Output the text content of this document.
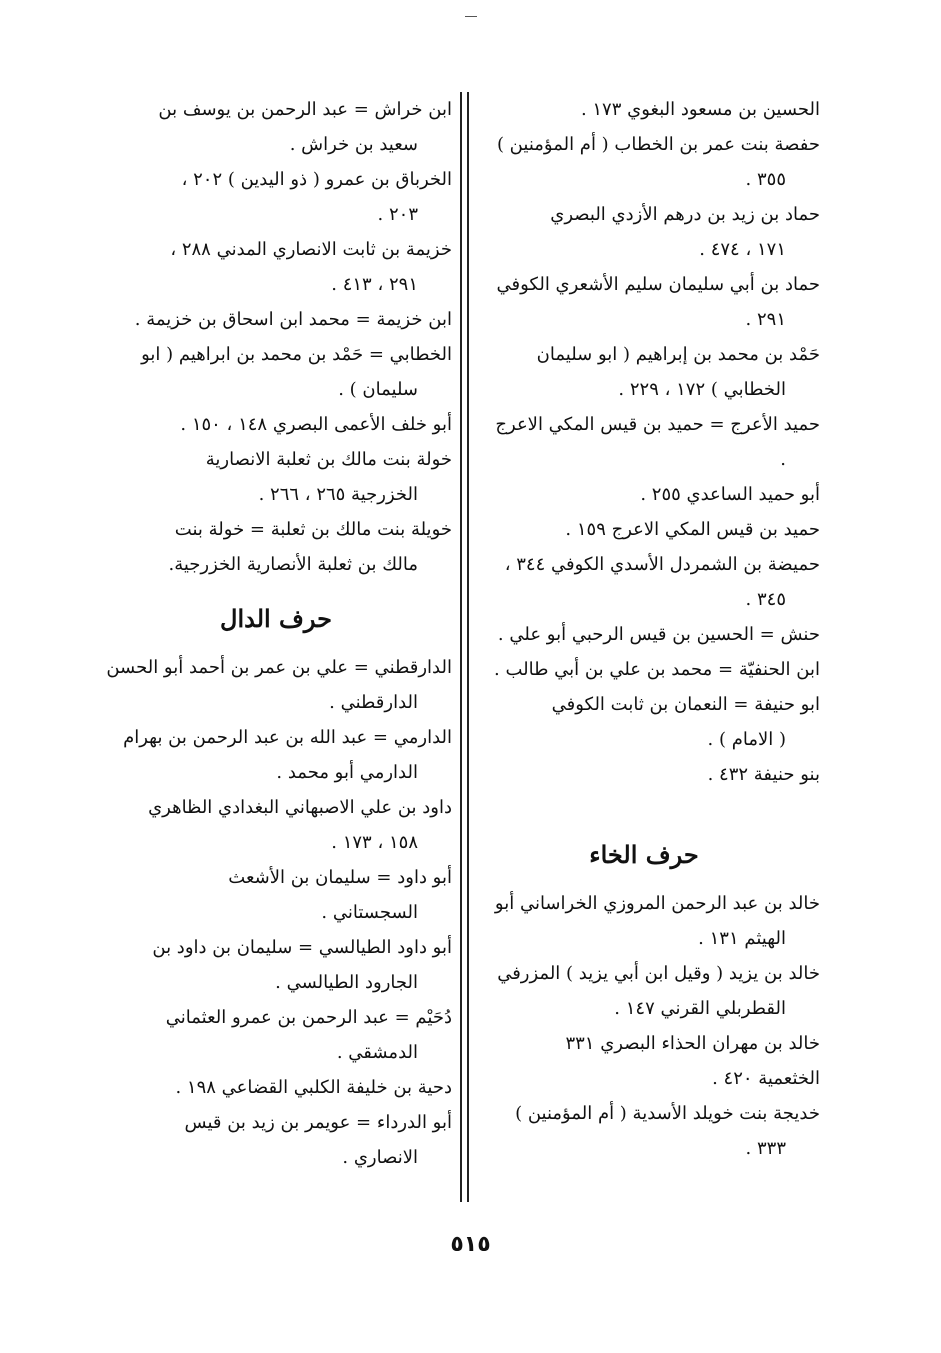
الحسين بن مسعود البغوي ١٧٣ .
حفصة بنت عمر بن الخطاب ( أم المؤمنين )

٣٥٥ .
حماد بن زيد بن درهم الأزدي البصري

١٧١ ، ٤٧٤ .
حماد بن أبي سليمان سليم الأشعري الكوفي

٢٩١ .
حَمْد بن محمد بن إبراهيم ( ابو سليمان

الخطابي ) ١٧٢ ، ٢٢٩ .
حميد الأعرج = حميد بن قيس المكي الاعرج

.
أبو حميد الساعدي ٢٥٥ .
حميد بن قيس المكي الاعرج ١٥٩ .
حميضة بن الشمردل الأسدي الكوفي ٣٤٤ ،

٣٤٥ .
حنش = الحسين بن قيس الرحبي أبو علي .
ابن الحنفيّة = محمد بن علي بن أبي طالب .
ابو حنيفة = النعمان بن ثابت الكوفي

( الامام ) .
بنو حنيفة ٤٣٢ .
حرف الخاء
خالد بن عبد الرحمن المروزي الخراساني أبو

الهيثم ١٣١ .
خالد بن يزيد ( وقيل ابن أبي يزيد ) المزرفي

القطربلي القرني ١٤٧ .
خالد بن مهران الحذاء البصري ٣٣١
الخثعمية ٤٢٠ .
خديجة بنت خويلد الأسدية ( أم المؤمنين )

٣٣٣ .
ابن خراش = عبد الرحمن بن يوسف بن

سعيد بن خراش .
الخرباق بن عمرو ( ذو اليدين ) ٢٠٢ ،

٢٠٣ .
خزيمة بن ثابت الانصاري المدني ٢٨٨ ،

٢٩١ ، ٤١٣ .
ابن خزيمة = محمد ابن اسحاق بن خزيمة .
الخطابي = حَمْد بن محمد بن ابراهيم ( ابو

سليمان ) .
أبو خلف الأعمى البصري ١٤٨ ، ١٥٠ .
خولة بنت مالك بن ثعلبة الانصارية

الخزرجية ٢٦٥ ، ٢٦٦ .
خويلة بنت مالك بن ثعلبة = خولة بنت

مالك بن ثعلبة الأنصارية الخزرجية.
حرف الدال
الدارقطني = علي بن عمر بن أحمد أبو الحسن

الدارقطني .
الدارمي = عبد الله بن عبد الرحمن بن بهرام

الدارمي أبو محمد .
داود بن علي الاصبهاني البغدادي الظاهري

١٥٨ ، ١٧٣ .
أبو داود = سليمان بن الأشعث

السجستاني .
أبو داود الطيالسي = سليمان بن داود بن

الجارود الطيالسي .
دُحَيْم = عبد الرحمن بن عمرو العثماني

الدمشقي .
دحية بن خليفة الكلبي القضاعي ١٩٨ .
أبو الدرداء = عويمر بن زيد بن قيس

الانصاري .
٥١٥
